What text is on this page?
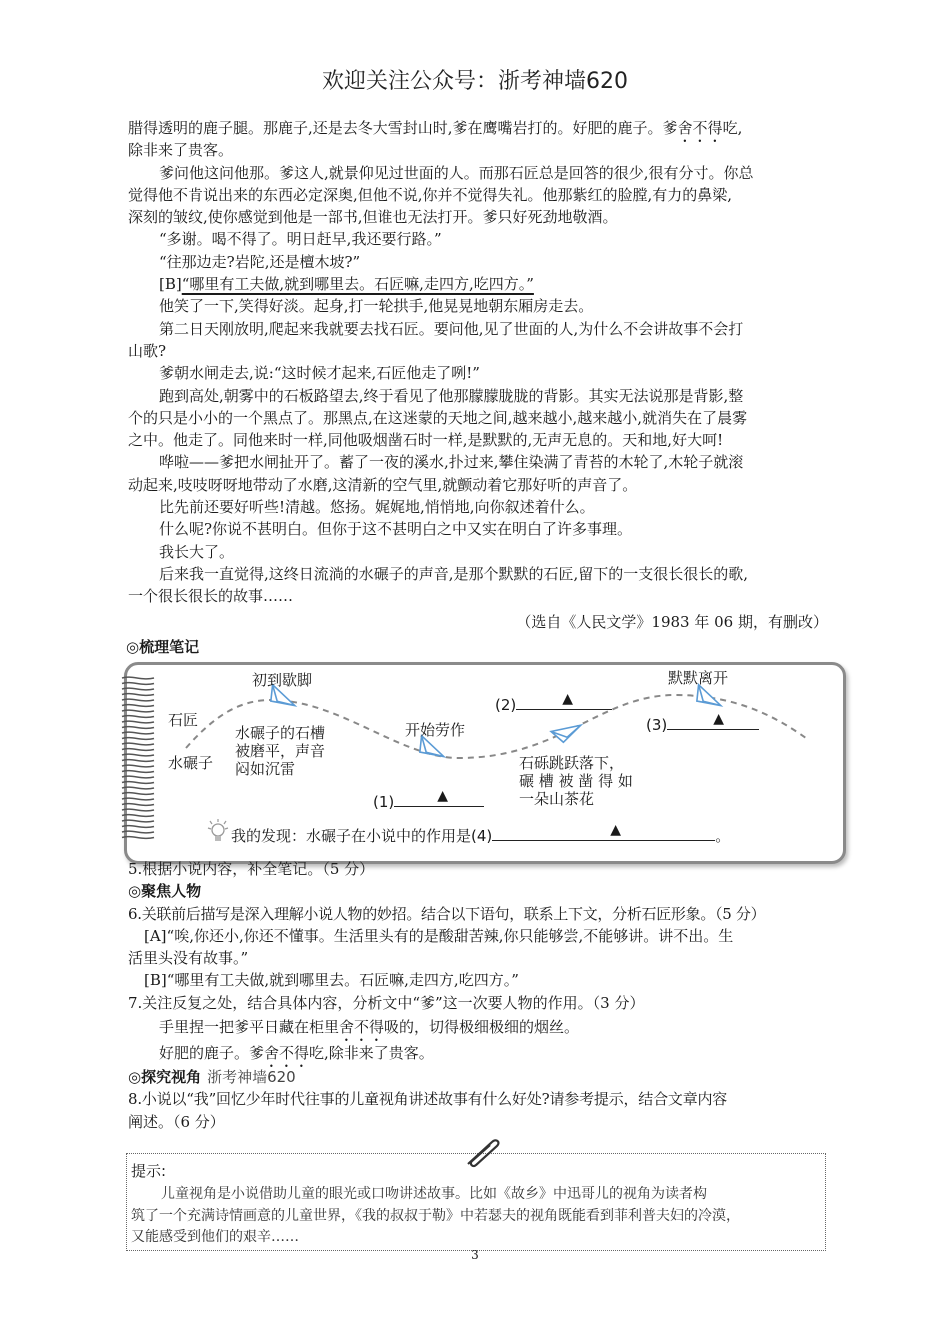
欢迎关注公众号：浙考神墙620
腊得透明的鹿子腿。那鹿子,还是去冬大雪封山时,爹在鹰嘴岩打的。好肥的鹿子。爹舍不得吃,
除非来了贵客。
爹问他这问他那。爹这人,就景仰见过世面的人。而那石匠总是回答的很少,很有分寸。你总
觉得他不肯说出来的东西必定深奥,但他不说,你并不觉得失礼。他那紫红的脸膛,有力的鼻梁,
深刻的皱纹,使你感觉到他是一部书,但谁也无法打开。爹只好死劲地敬酒。
“多谢。喝不得了。明日赶早,我还要行路。”
“往那边走?岩陀,还是檀木坡?”
[B]“哪里有工夫做,就到哪里去。石匠嘛,走四方,吃四方。”
他笑了一下,笑得好淡。起身,打一轮拱手,他晃晃地朝东厢房走去。
第二日天刚放明,爬起来我就要去找石匠。要问他,见了世面的人,为什么不会讲故事不会打
山歌?
爹朝水闸走去,说:“这时候才起来,石匠他走了咧!”
跑到高处,朝雾中的石板路望去,终于看见了他那朦朦胧胧的背影。其实无法说那是背影,整
个的只是小小的一个黑点了。那黑点,在这迷蒙的天地之间,越来越小,越来越小,就消失在了晨雾
之中。他走了。同他来时一样,同他吸烟凿石时一样,是默默的,无声无息的。天和地,好大呵!
哗啦——爹把水闸扯开了。蓄了一夜的溪水,扑过来,攀住染满了青苔的木轮了,木轮子就滚
动起来,吱吱呀呀地带动了水磨,这清新的空气里,就颤动着它那好听的声音了。
比先前还要好听些!清越。悠扬。娓娓地,悄悄地,向你叙述着什么。
什么呢?你说不甚明白。但你于这不甚明白之中又实在明白了许多事理。
我长大了。
后来我一直觉得,这终日流淌的水碾子的声音,是那个默默的石匠,留下的一支很长很长的歌,
一个很长很长的故事……
（选自《人民文学》1983 年 06 期，有删改）
◎梳理笔记
初到歇脚
开始劳作
默默离开
石匠
水碾子
水碾子的石槽
被磨平，声音
闷如沉雷	石砾跳跃落下，
碾 槽 被 凿 得 如
一朵山茶花
(1)	▲
(2)	▲
(3)	▲
我的发现：水碾子在小说中的作用是(4)	▲	。
5.根据小说内容，补全笔记。（5 分）
◎聚焦人物
6.关联前后描写是深入理解小说人物的妙招。结合以下语句，联系上下文，分析石匠形象。（5 分）
[A]“唉,你还小,你还不懂事。生活里头有的是酸甜苦辣,你只能够尝,不能够讲。讲不出。生
活里头没有故事。”
[B]“哪里有工夫做,就到哪里去。石匠嘛,走四方,吃四方。”
7.关注反复之处，结合具体内容，分析文中“爹”这一次要人物的作用。（3 分）
手里捏一把爹平日藏在柜里舍不得吸的，切得极细极细的烟丝。
好肥的鹿子。爹舍不得吃,除非来了贵客。
◎探究视角 浙考神墙620
8.小说以“我”回忆少年时代往事的儿童视角讲述故事有什么好处?请参考提示，结合文章内容
阐述。（6 分）
提示:
儿童视角是小说借助儿童的眼光或口吻讲述故事。比如《故乡》中迅哥儿的视角为读者构
筑了一个充满诗情画意的儿童世界，《我的叔叔于勒》中若瑟夫的视角既能看到菲利普夫妇的冷漠，
又能感受到他们的艰辛……
3
